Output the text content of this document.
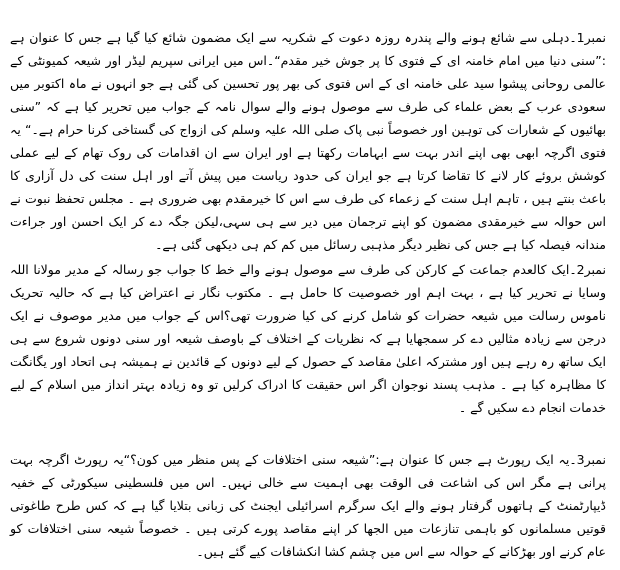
نمبر1۔دہلی سے شائع ہونے والے پندرہ روزہ دعوت کے شکریہ سے ایک مضمون شائع کیا گیا ہے جس کا عنوان ہے :”سنی دنیا میں امام خامنہ ای کے فتوی کا پر جوش خیر مقدم“۔اس میں ایرانی سپریم لیڈر اور شیعہ کمیونٹی کے عالمی روحانی پیشوا سید علی خامنہ ای کے اس فتوی کی بھر پور تحسین کی گئی ہے جو انہوں نے ماہ اکتوبر میں سعودی عرب کے بعض علماء کی طرف سے موصول ہونے والے سوال نامہ کے جواب میں تحریر کیا ہے کہ ”سنی بھائیوں کے شعارات کی توہین اور خصوصاً نبی پاک صلی اللہ علیہ وسلم کی ازواج کی گستاخی کرنا حرام ہے۔“ یہ فتوی اگرچہ ابھی بھی اپنے اندر بہت سے ابہامات رکھتا ہے اور ایران سے ان اقدامات کی روک تھام کے لیے عملی کوشش بروئے کار لانے کا تقاضا کرتا ہے جو ایران کی حدود ریاست میں پیش آتے اور اہل سنت کی دل آزاری کا باعث بنتے ہیں ، تاہم اہل سنت کے زعماء کی طرف سے اس کا خیرمقدم بھی ضروری ہے ۔ مجلس تحفظ نبوت نے اس حوالہ سے خیرمقدی مضمون کو اپنے ترجمان میں دیر سے ہی سہی،لیکن جگہ دے کر ایک احسن اور جراءت مندانہ فیصلہ کیا ہے جس کی نظیر دیگر مذہبی رسائل میں کم کم ہی دیکھی گئی ہے۔

نمبر2۔ایک کالعدم جماعت کے کارکن کی طرف سے موصول ہونے والے خط کا جواب جو رسالہ کے مدیر مولانا اللہ وسایا نے تحریر کیا ہے ، بہت اہم اور خصوصیت کا حامل ہے ۔ مکتوب نگار نے اعتراض کیا ہے کہ حالیہ تحریک ناموس رسالت میں شیعہ حضرات کو شامل کرنے کی کیا ضرورت تھی؟اس کے جواب میں مدیر موصوف نے ایک درجن سے زیادہ مثالیں دے کر سمجھایا ہے کہ نظریات کے اختلاف کے باوصف شیعہ اور سنی دونوں شروع سے ہی ایک ساتھ رہ رہے ہیں اور مشترکہ اعلیٰ مقاصد کے حصول کے لیے دونوں کے قائدین نے ہمیشہ ہی اتحاد اور یگانگت کا مظاہرہ کیا ہے ۔ مذہب پسند نوجوان اگر اس حقیقت کا ادراک کرلیں تو وہ زیادہ بہتر انداز میں اسلام کے لیے خدمات انجام دے سکیں گے ۔

نمبر3۔یہ ایک رپورٹ ہے جس کا عنوان ہے:”شیعہ سنی اختلافات کے پس منظر میں کون؟“یہ رپورٹ اگرچہ بہت پرانی ہے مگر اس کی اشاعت فی الوقت بھی اہمیت سے خالی نہیں۔ اس میں فلسطینی سیکورٹی کے خفیہ ڈیپارٹمنٹ کے ہاتھوں گرفتار ہونے والے ایک سرگرم اسرائیلی ایجنٹ کی زبانی بتلایا گیا ہے کہ کس طرح طاغوتی قوتیں مسلمانوں کو باہمی تنازعات میں الجھا کر اپنے مقاصد پورے کرتی ہیں ۔ خصوصاً شیعہ سنی اختلافات کو عام کرنے اور بھڑکانے کے حوالہ سے اس میں چشم کشا انکشافات کیے گئے ہیں۔
